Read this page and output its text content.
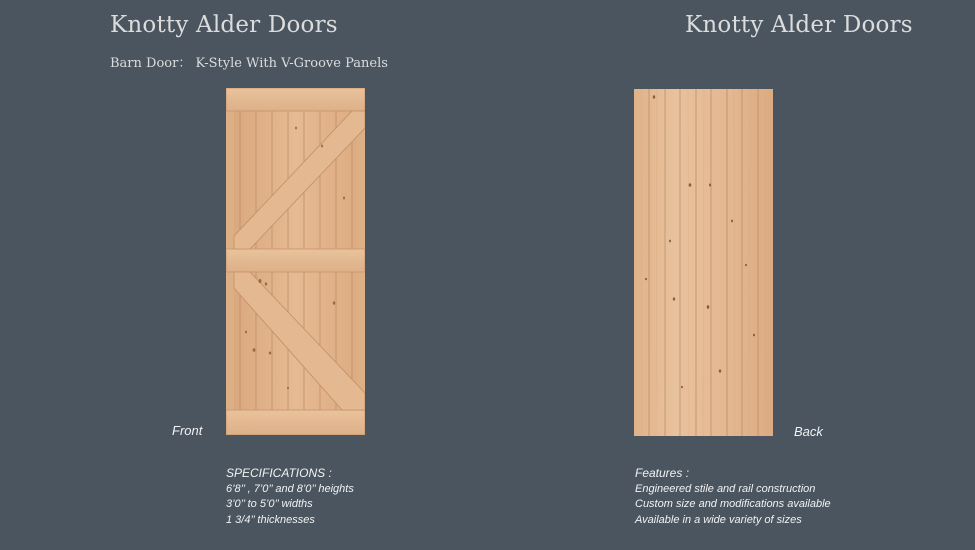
Knotty Alder Doors
Barn Door： K-Style With V-Groove Panels
Knotty Alder Doors
Front	Back
SPECIFICATIONS :
6’8’’ , 7’0’’ and 8’0’’ heights
3’0’’ to 5’0’’ widths
1 3/4’’ thicknesses
Features :
Engineered stile and rail construction
Custom size and modifications available
Available in a wide variety of sizes
